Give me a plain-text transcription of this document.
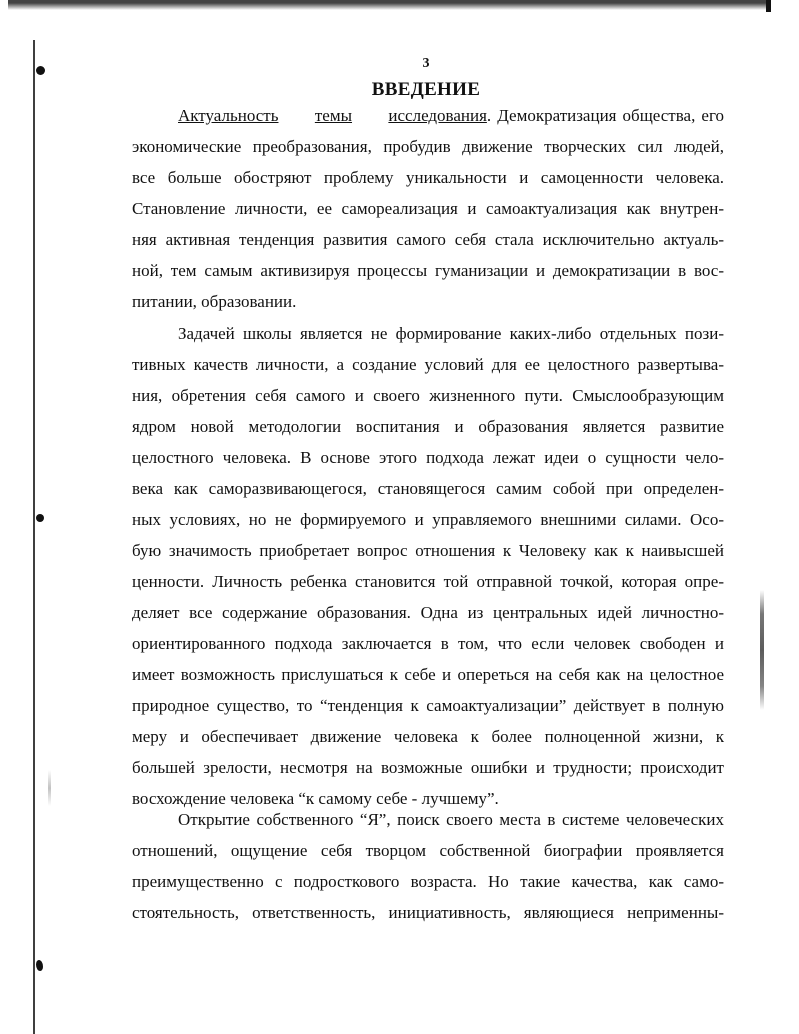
3
ВВЕДЕНИЕ
Актуальность темы исследования. Демократизация общества, его
экономические преобразования, пробудив движение творческих сил людей,
все больше обостряют проблему уникальности и самоценности человека.
Становление личности, ее самореализация и самоактуализация как внутрен-
няя активная тенденция развития самого себя стала исключительно актуаль-
ной, тем самым активизируя процессы гуманизации и демократизации в вос-
питании, образовании.
Задачей школы является не формирование каких-либо отдельных пози-
тивных качеств личности, а создание условий для ее целостного развертыва-
ния, обретения себя самого и своего жизненного пути. Смыслообразующим
ядром новой методологии воспитания и образования является развитие
целостного человека. В основе этого подхода лежат идеи о сущности чело-
века как саморазвивающегося, становящегося самим собой при определен-
ных условиях, но не формируемого и управляемого внешними силами. Осо-
бую значимость приобретает вопрос отношения к Человеку как к наивысшей
ценности. Личность ребенка становится той отправной точкой, которая опре-
деляет все содержание образования. Одна из центральных идей личностно-
ориентированного подхода заключается в том, что если человек свободен и
имеет возможность прислушаться к себе и опереться на себя как на целостное
природное существо, то “тенденция к самоактуализации” действует в полную
меру и обеспечивает движение человека к более полноценной жизни, к
большей зрелости, несмотря на возможные ошибки и трудности; происходит
восхождение человека “к самому себе - лучшему”.
Открытие собственного “Я”, поиск своего места в системе человеческих
отношений, ощущение себя творцом собственной биографии проявляется
преимущественно с подросткового возраста. Но такие качества, как само-
стоятельность, ответственность, инициативность, являющиеся неприменны-
